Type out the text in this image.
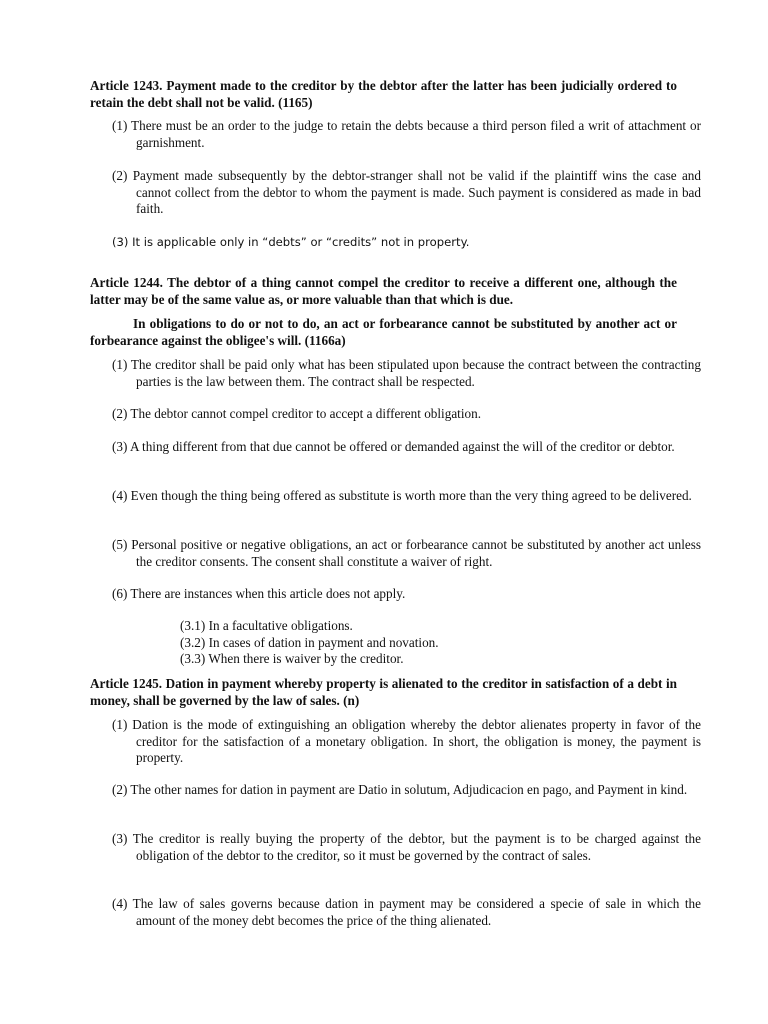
Article 1243. Payment made to the creditor by the debtor after the latter has been judicially ordered to retain the debt shall not be valid. (1165)

(1) There must be an order to the judge to retain the debts because a third person filed a writ of attachment or garnishment.
(2) Payment made subsequently by the debtor-stranger shall not be valid if the plaintiff wins the case and cannot collect from the debtor to whom the payment is made. Such payment is considered as made in bad faith.
(3) It is applicable only in “debts” or “credits” not in property.

Article 1244. The debtor of a thing cannot compel the creditor to receive a different one, although the latter may be of the same value as, or more valuable than that which is due.

In obligations to do or not to do, an act or forbearance cannot be substituted by another act or forbearance against the obligee's will. (1166a)

(1) The creditor shall be paid only what has been stipulated upon because the contract between the contracting parties is the law between them. The contract shall be respected.
(2) The debtor cannot compel creditor to accept a different obligation.
(3) A thing different from that due cannot be offered or demanded against the will of the creditor or debtor.
(4) Even though the thing being offered as substitute is worth more than the very thing agreed to be delivered.
(5) Personal positive or negative obligations, an act or forbearance cannot be substituted by another act unless the creditor consents. The consent shall constitute a waiver of right.
(6) There are instances when this article does not apply.
(3.1) In a facultative obligations.
(3.2) In cases of dation in payment and novation.
(3.3) When there is waiver by the creditor.

Article 1245. Dation in payment whereby property is alienated to the creditor in satisfaction of a debt in money, shall be governed by the law of sales. (n)

(1) Dation is the mode of extinguishing an obligation whereby the debtor alienates property in favor of the creditor for the satisfaction of a monetary obligation. In short, the obligation is money, the payment is property.
(2) The other names for dation in payment are Datio in solutum, Adjudicacion en pago, and Payment in kind.
(3) The creditor is really buying the property of the debtor, but the payment is to be charged against the obligation of the debtor to the creditor, so it must be governed by the contract of sales.
(4) The law of sales governs because dation in payment may be considered a specie of sale in which the amount of the money debt becomes the price of the thing alienated.
